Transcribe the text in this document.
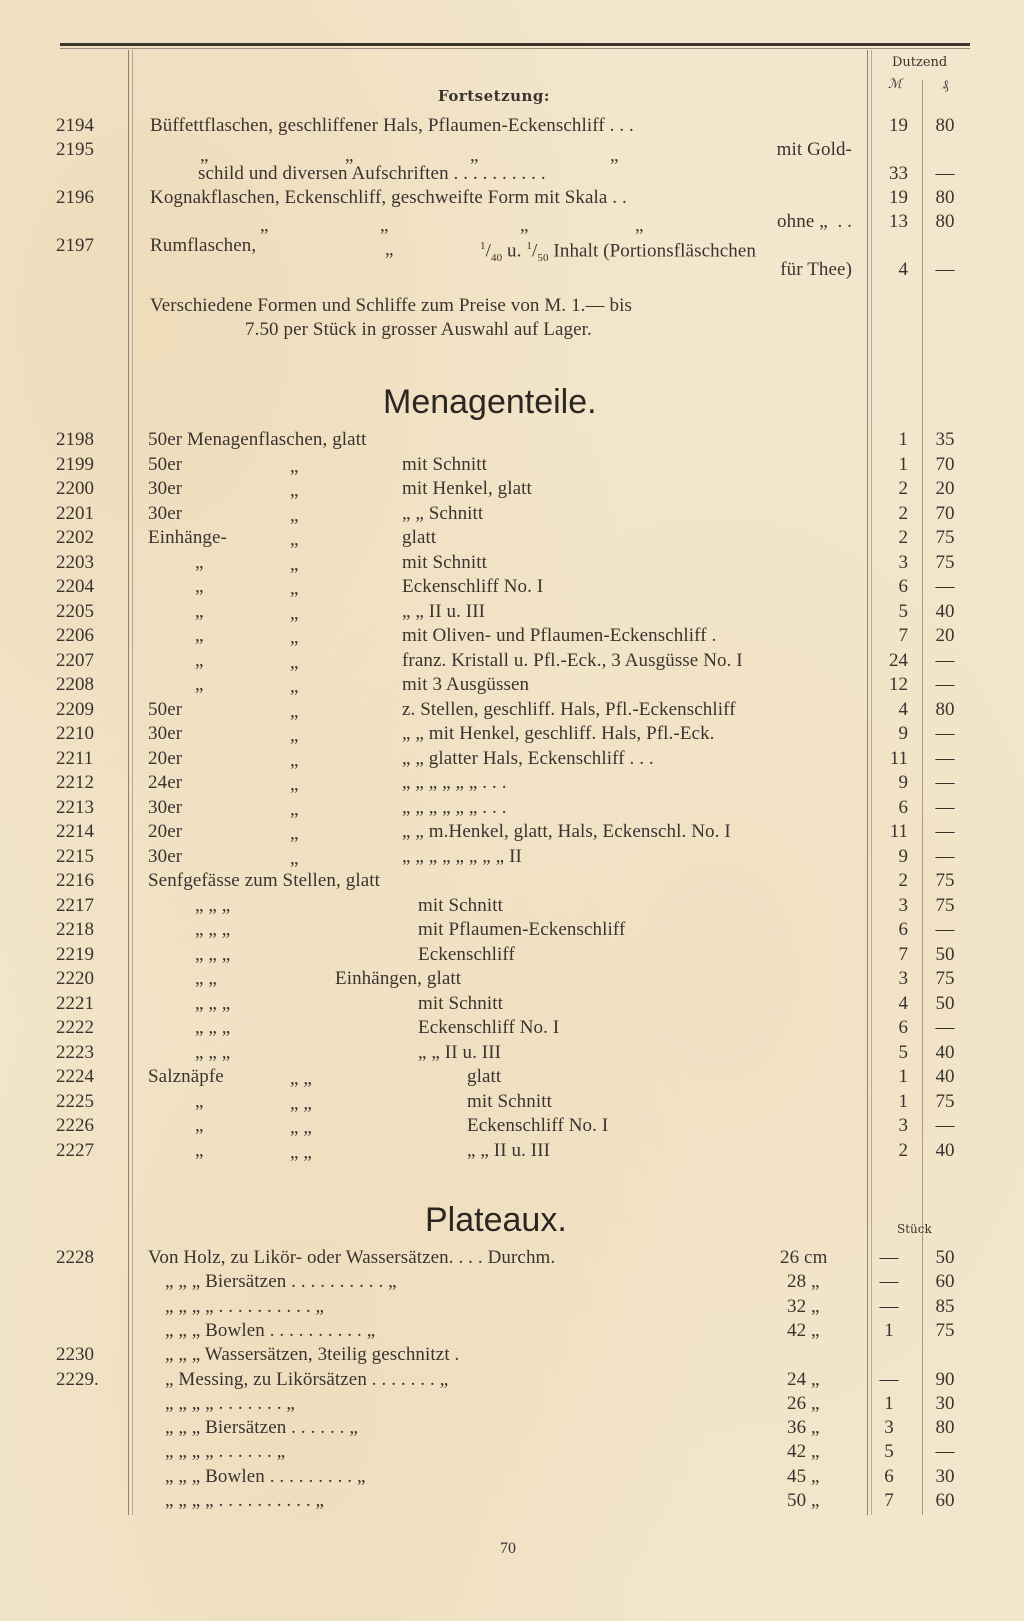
Dutzend
ℳ	₰
Fortsetzung:
2194	Büffettflaschen, geschliffener Hals, Pflaumen-Eckenschliff . . .	19	80
2195	„	„	„	„	mit Gold-
schild und diversen Aufschriften . . . . . . . . . .	33	—
2196	Kognakflaschen, Eckenschliff, geschweifte Form mit Skala . .	19	80
„	„	„	„	ohne „  . .	13	80
2197	Rumflaschen,	„	$^1/_{40}$ u. $^1/_{50}$ Inhalt (Portionsfläschchen
für Thee)	4	—
Verschiedene Formen und Schliffe zum Preise von M. 1.— bis
7.50 per Stück in grosser Auswahl auf Lager.
Menagenteile.
2198	50er Menagenflaschen, glatt	1	35
2199	50er	„	mit Schnitt	1	70
2200	30er	„	mit Henkel, glatt	2	20
2201	30er	„	„ „ Schnitt	2	70
2202	Einhänge-	„	glatt	2	75
2203	„	„	mit Schnitt	3	75
2204	„	„	Eckenschliff No. I	6	—
2205	„	„	„ „ II u. III	5	40
2206	„	„	mit Oliven- und Pflaumen-Eckenschliff .	7	20
2207	„	„	franz. Kristall u. Pfl.-Eck., 3 Ausgüsse No. I	24	—
2208	„	„	mit 3 Ausgüssen	12	—
2209	50er	„	z. Stellen, geschliff. Hals, Pfl.-Eckenschliff	4	80
2210	30er	„	„ „ mit Henkel, geschliff. Hals, Pfl.-Eck.	9	—
2211	20er	„	„ „ glatter Hals, Eckenschliff . . .	11	—
2212	24er	„	„ „ „ „ „ „ . . .	9	—
2213	30er	„	„ „ „ „ „ „ . . .	6	—
2214	20er	„	„ „ m.Henkel, glatt, Hals, Eckenschl. No. I	11	—
2215	30er	„	„ „ „ „ „ „ „ „ II	9	—
2216	Senfgefässe zum Stellen, glatt	2	75
2217	„ „ „	mit Schnitt	3	75
2218	„ „ „	mit Pflaumen-Eckenschliff	6	—
2219	„ „ „	Eckenschliff	7	50
2220	„ „	Einhängen, glatt	3	75
2221	„ „ „	mit Schnitt	4	50
2222	„ „ „	Eckenschliff No. I	6	—
2223	„ „ „	„ „ II u. III	5	40
2224	Salznäpfe	„ „	glatt	1	40
2225	„	„ „	mit Schnitt	1	75
2226	„	„ „	Eckenschliff No. I	3	—
2227	„	„ „	„ „ II u. III	2	40
Plateaux.	Stück
2228	Von Holz, zu Likör- oder Wassersätzen. . . . Durchm.	26 cm	—	50
„ „ „ Biersätzen . . . . . . . . . . „	28 „	—	60
„ „ „ „ . . . . . . . . . . „	32 „	—	85
„ „ „ Bowlen . . . . . . . . . . „	42 „	1	75
2230	„ „ „ Wassersätzen, 3teilig geschnitzt .
2229.	„ Messing, zu Likörsätzen . . . . . . . „	24 „	—	90
„ „ „ „ . . . . . . . „	26 „	1	30
„ „ „ Biersätzen . . . . . . „	36 „	3	80
„ „ „ „ . . . . . . „	42 „	5	—
„ „ „ Bowlen . . . . . . . . . „	45 „	6	30
„ „ „ „ . . . . . . . . . . „	50 „	7	60
70
